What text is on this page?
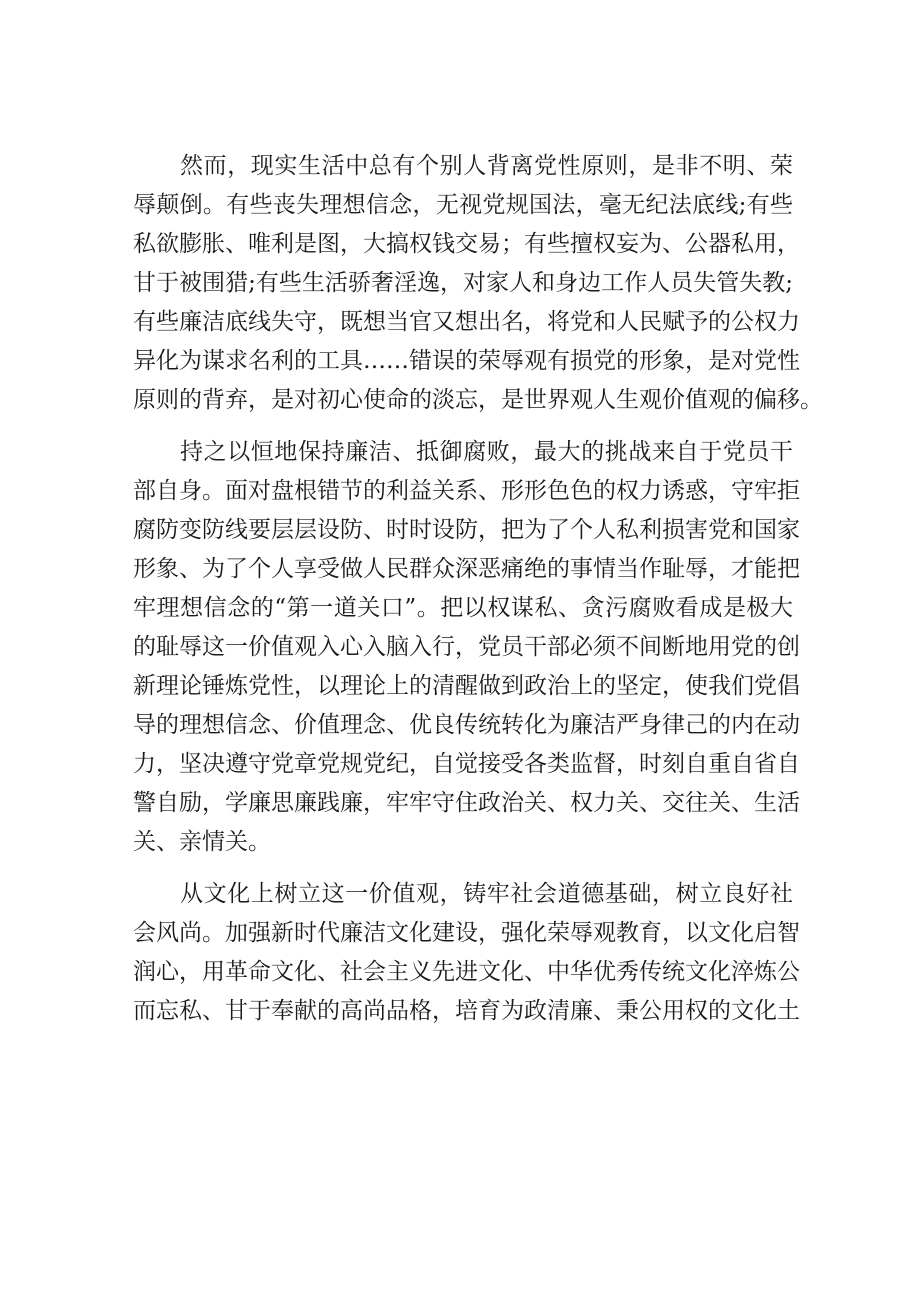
然而，现实生活中总有个别人背离党性原则，是非不明、荣
辱颠倒。有些丧失理想信念，无视党规国法，毫无纪法底线;有些
私欲膨胀、唯利是图，大搞权钱交易；有些擅权妄为、公器私用，
甘于被围猎;有些生活骄奢淫逸，对家人和身边工作人员失管失教;
有些廉洁底线失守，既想当官又想出名，将党和人民赋予的公权力
异化为谋求名利的工具……错误的荣辱观有损党的形象，是对党性
原则的背弃，是对初心使命的淡忘，是世界观人生观价值观的偏移。
持之以恒地保持廉洁、抵御腐败，最大的挑战来自于党员干
部自身。面对盘根错节的利益关系、形形色色的权力诱惑，守牢拒
腐防变防线要层层设防、时时设防，把为了个人私利损害党和国家
形象、为了个人享受做人民群众深恶痛绝的事情当作耻辱，才能把
牢理想信念的“第一道关口”。把以权谋私、贪污腐败看成是极大
的耻辱这一价值观入心入脑入行，党员干部必须不间断地用党的创
新理论锤炼党性，以理论上的清醒做到政治上的坚定，使我们党倡
导的理想信念、价值理念、优良传统转化为廉洁严身律己的内在动
力，坚决遵守党章党规党纪，自觉接受各类监督，时刻自重自省自
警自励，学廉思廉践廉，牢牢守住政治关、权力关、交往关、生活
关、亲情关。
从文化上树立这一价值观，铸牢社会道德基础，树立良好社
会风尚。加强新时代廉洁文化建设，强化荣辱观教育，以文化启智
润心，用革命文化、社会主义先进文化、中华优秀传统文化淬炼公
而忘私、甘于奉献的高尚品格，培育为政清廉、秉公用权的文化土
